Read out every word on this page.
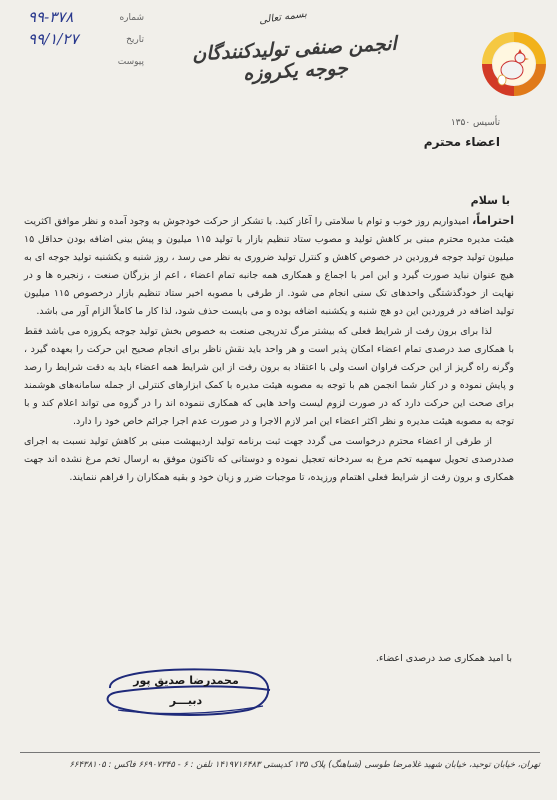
شماره
۹۹-۳۷۸
تاریخ
۹۹/۱/۲۷
پیوست
بسمه تعالی
انجمن صنفی تولیدکنندگان جوجه یکروزه
تأسیس ۱۳۵۰
اعضاء محترم
با سلام

احتراماً، امیدواریم روز خوب و توام با سلامتی را آغاز کنید. با تشکر از حرکت خودجوش به وجود آمده و نظر موافق اکثریت هیئت مدیره محترم مبنی بر کاهش تولید و مصوب ستاد تنظیم بازار با تولید ۱۱۵ میلیون و پیش بینی اضافه بودن حداقل ۱۵ میلیون تولید جوجه فروردین در خصوص کاهش و کنترل تولید ضروری به نظر می رسد ، روز شنبه و یکشنبه تولید جوجه ای به هیچ عنوان نباید صورت گیرد و این امر با اجماع و همکاری همه جانبه تمام اعضاء ، اعم از بزرگان صنعت ، زنجیره ها و در نهایت از خودگذشتگی واحدهای تک سنی انجام می شود. از طرفی با مصوبه اخیر ستاد تنظیم بازار درخصوص ۱۱۵ میلیون تولید اضافه در فروردین این دو هج شنبه و یکشنبه اضافه بوده و می بایست حذف شود، لذا کار ما کاملاً الزام آور می باشد.

لذا برای برون رفت از شرایط فعلی که بیشتر مرگ تدریجی صنعت به خصوص بخش تولید جوجه یکروزه می باشد فقط با همکاری صد درصدی تمام اعضاء امکان پذیر است و هر واحد باید نقش ناظر برای انجام صحیح این حرکت را بعهده گیرد ، وگرنه راه گریز از این حرکت فراوان است ولی با اعتقاد به برون رفت از این شرایط همه اعضاء باید به دقت شرایط را رصد و پایش نموده و در کنار شما انجمن هم با توجه به مصوبه هیئت مدیره با کمک ابزارهای کنترلی از جمله سامانه‌های هوشمند برای صحت این حرکت دارد که در صورت لزوم لیست واحد هایی که همکاری ننموده اند را در گروه می تواند اعلام کند و با توجه به مصوبه هیئت مدیره و نظر اکثر اعضاء این امر لازم الاجرا و در صورت عدم اجرا جرائم خاص خود را دارد.

از طرفی از اعضاء محترم درخواست می گردد جهت ثبت برنامه تولید اردیبهشت مبنی بر کاهش تولید نسبت به اجرای صددرصدی تحویل سهمیه تخم مرغ به سردخانه تعجیل نموده و دوستانی که تاکنون موفق به ارسال تخم مرغ نشده اند جهت همکاری و برون رفت از شرایط فعلی اهتمام ورزیده، تا موجبات ضرر و زیان خود و بقیه همکاران را فراهم ننمایند.

با امید همکاری صد درصدی اعضاء.
محمدرضا صدیق پور
دبیـــر
تهران، خیابان توحید، خیابان شهید غلامرضا طوسی (شباهنگ) پلاک ۱۳۵ کدپستی ۱۴۱۹۷۱۶۴۸۳ تلفن : ۶ - ۶۶۹۰۷۳۴۵ فاکس : ۶۶۴۳۸۱۰۵
